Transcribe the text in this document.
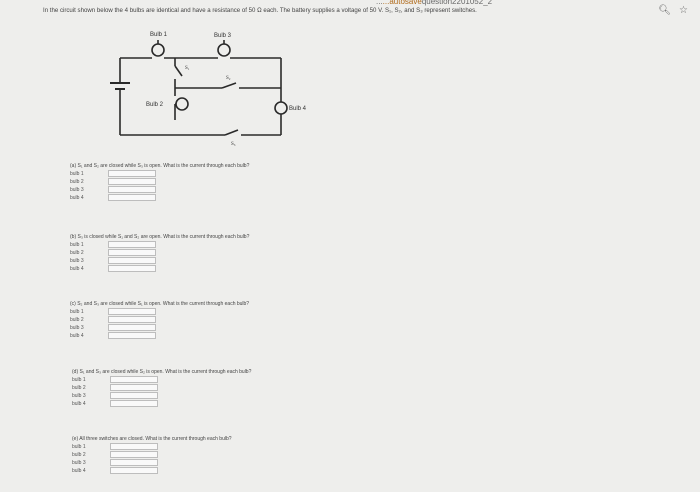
......autosavequestion2201052_2
🔍︎ ☆
In the circuit shown below the 4 bulbs are identical and have a resistance of 50 Ω each. The battery supplies a voltage of 50 V. S₁, S₂, and S₃ represent switches.
Bulb 1	Bulb 3
Bulb 2
Bulb 4
S₁
S₂
S₃
(a) S₁ and S₂ are closed while S₃ is open. What is the current through each bulb?
bulb 1
bulb 2
bulb 3
bulb 4
(b) S₃ is closed while S₁ and S₂ are open. What is the current through each bulb?
bulb 1
bulb 2
bulb 3
bulb 4
(c) S₂ and S₃ are closed while S₁ is open. What is the current through each bulb?
bulb 1
bulb 2
bulb 3
bulb 4
(d) S₁ and S₃ are closed while S₂ is open. What is the current through each bulb?
bulb 1
bulb 2
bulb 3
bulb 4
(e) All three switches are closed. What is the current through each bulb?
bulb 1
bulb 2
bulb 3
bulb 4
